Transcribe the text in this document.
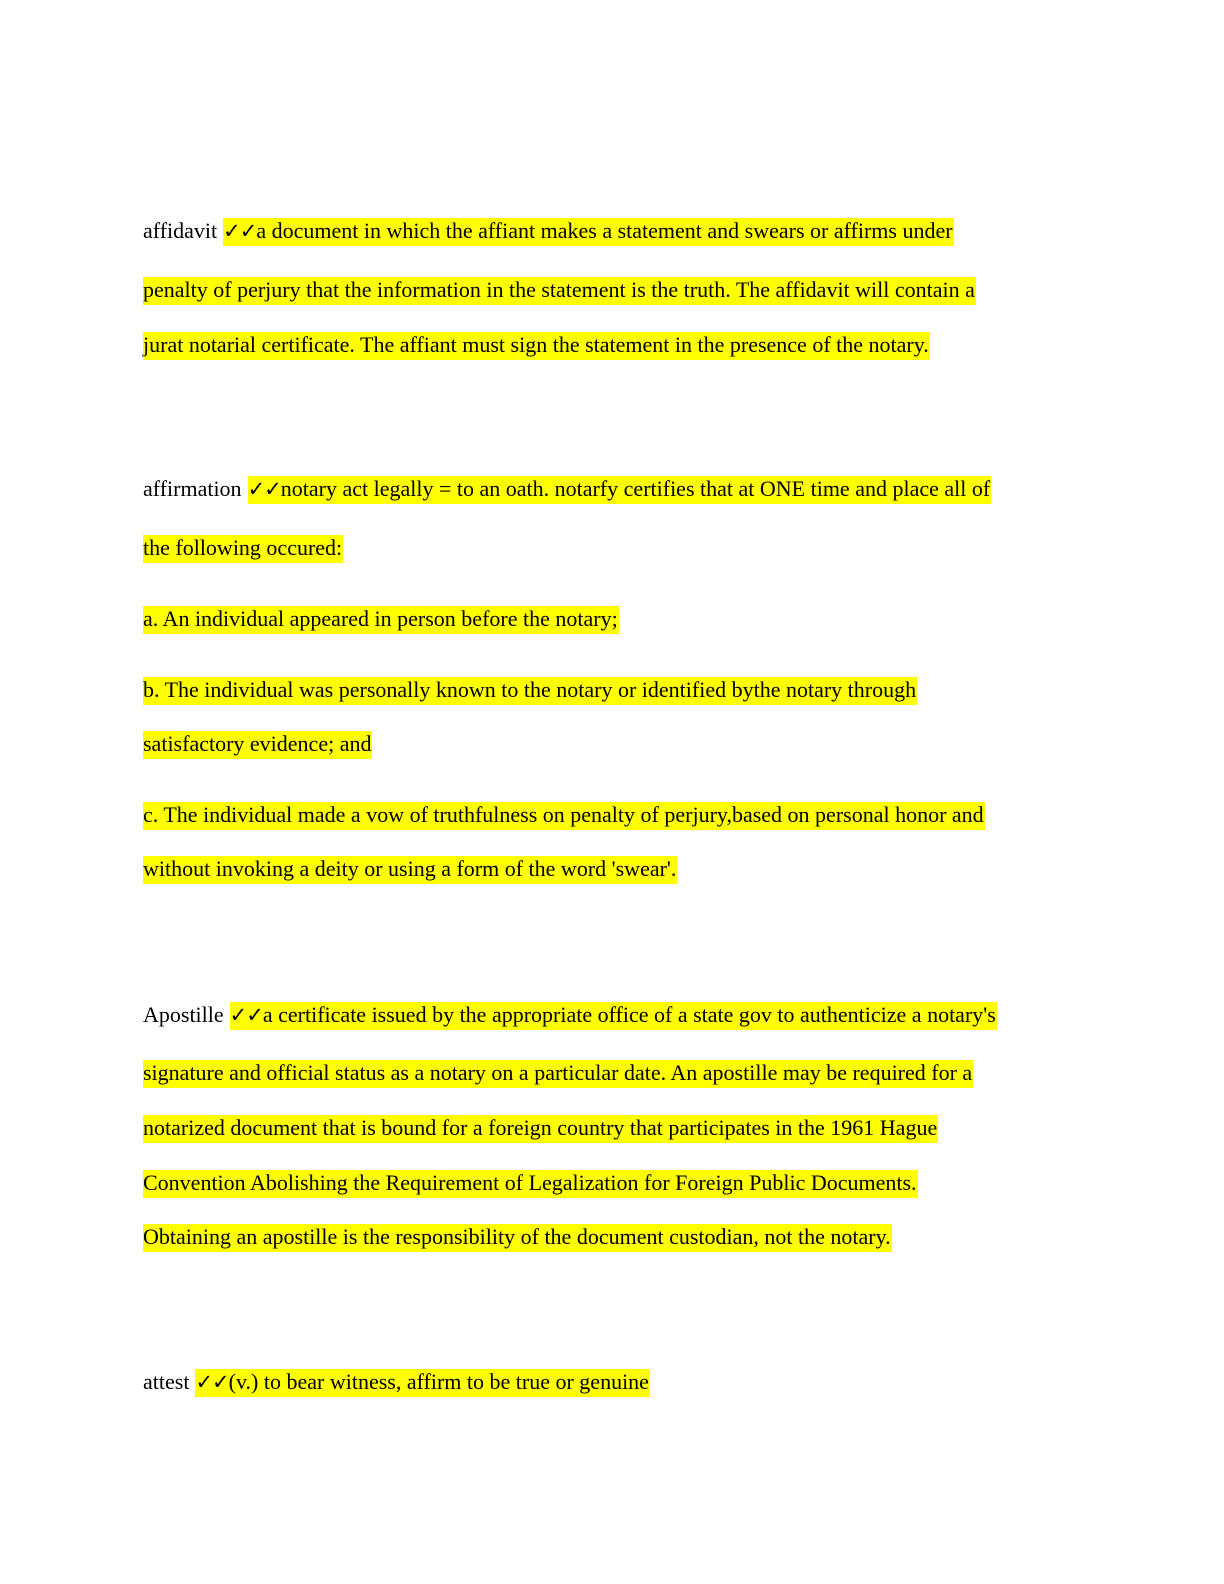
affidavit ✓✓a document in which the affiant makes a statement and swears or affirms under
penalty of perjury that the information in the statement is the truth. The affidavit will contain a
jurat notarial certificate. The affiant must sign the statement in the presence of the notary.
affirmation ✓✓notary act legally = to an oath. notarfy certifies that at ONE time and place all of
the following occured:
a. An individual appeared in person before the notary;
b. The individual was personally known to the notary or identified bythe notary through
satisfactory evidence; and
c. The individual made a vow of truthfulness on penalty of perjury,based on personal honor and
without invoking a deity or using a form of the word 'swear'.
Apostille ✓✓a certificate issued by the appropriate office of a state gov to authenticize a notary's
signature and official status as a notary on a particular date. An apostille may be required for a
notarized document that is bound for a foreign country that participates in the 1961 Hague
Convention Abolishing the Requirement of Legalization for Foreign Public Documents.
Obtaining an apostille is the responsibility of the document custodian, not the notary.
attest ✓✓(v.) to bear witness, affirm to be true or genuine
